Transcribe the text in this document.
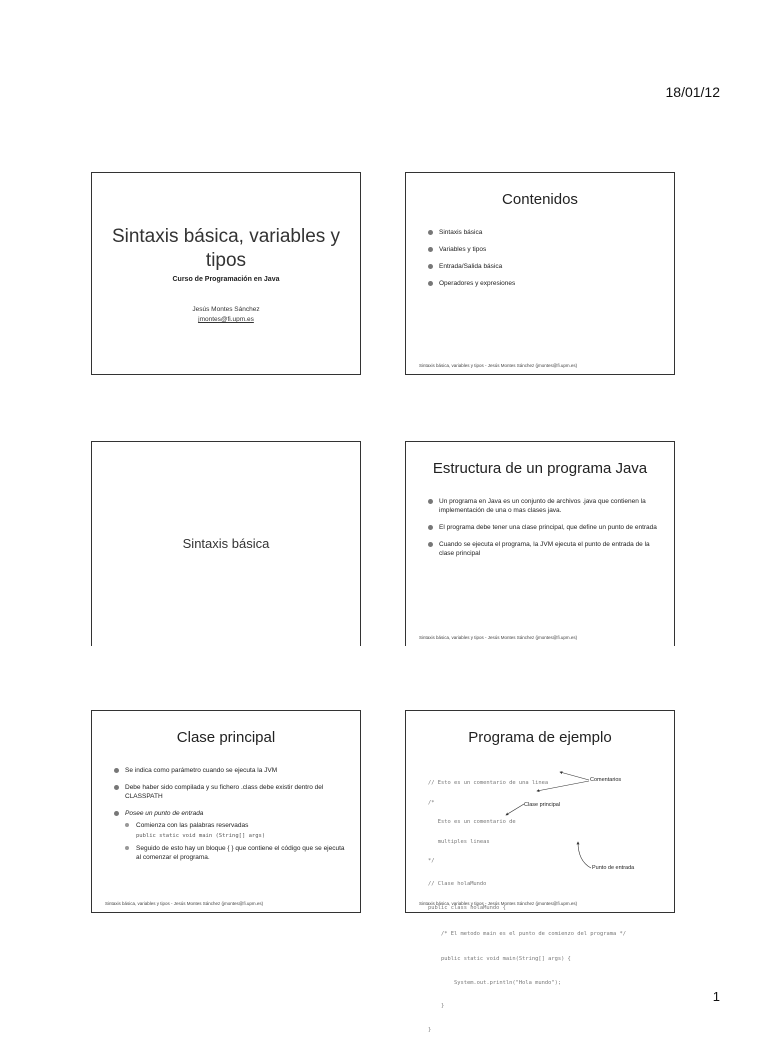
18/01/12
Sintaxis básica, variables y tipos
Curso de Programación en Java
Jesús Montes Sánchez
jmontes@fi.upm.es
Contenidos
Sintaxis básica
Variables y tipos
Entrada/Salida básica
Operadores y expresiones
Sintaxis básica, variables y tipos - Jesús Montes Sánchez (jmontes@fi.upm.es)
Sintaxis básica
Estructura de un programa Java
Un programa en Java es un conjunto de archivos .java que contienen la implementación de una o mas clases java.
El programa debe tener una clase principal, que define un punto de entrada
Cuando se ejecuta el programa, la JVM ejecuta el punto de entrada de la clase principal
Sintaxis básica, variables y tipos - Jesús Montes Sánchez (jmontes@fi.upm.es)
Clase principal
Se indica como parámetro cuando se ejecuta la JVM
Debe haber sido compilada y su fichero .class debe existir dentro del CLASSPATH
Posee un punto de entrada
Comienza con las palabras reservadas
public static void main (String[] args)
Seguido de esto hay un bloque { } que contiene el código que se ejecuta al comenzar el programa.
Sintaxis básica, variables y tipos - Jesús Montes Sánchez (jmontes@fi.upm.es)
Programa de ejemplo

// Esto es un comentario de una linea

/*

Esto es un comentario de

multiples lineas

*/

// Clase holaMundo

public class holaMundo {

/* El metodo main es el punto de comienzo del programa */

public static void main(String[] args) {

System.out.println("Hola mundo");

}

}

Comentarios
Clase principal
Punto de entrada
Sintaxis básica, variables y tipos - Jesús Montes Sánchez (jmontes@fi.upm.es)
1
